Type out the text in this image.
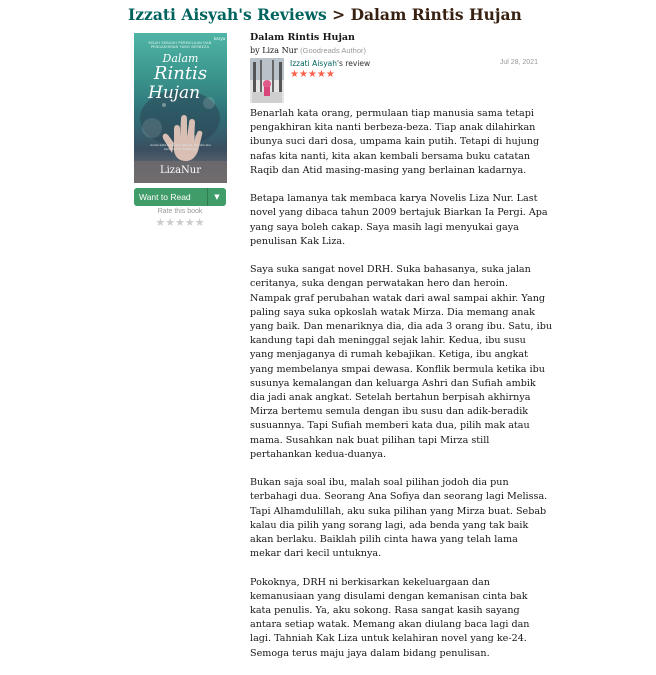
Izzati Aisyah's Reviews > Dalam Rintis Hujan
karya
KISAH SEBUAH PERMULAAN DAN PENGAKHIRAN YANG BERBEZA
Dalam
Rintis
Hujan
Andai kata hujan itu rahmat, biarlah aku berteduh di dalamnya
LizaNur
Want to Read	▼
Rate this book
★★★★★
Dalam Rintis Hujan
by Liza Nur (Goodreads Author)
Izzati Aisyah's review	Jul 28, 2021
★★★★★

Benarlah kata orang, permulaan tiap manusia sama tetapi
pengakhiran kita nanti berbeza-beza. Tiap anak dilahirkan
ibunya suci dari dosa, umpama kain putih. Tetapi di hujung
nafas kita nanti, kita akan kembali bersama buku catatan
Raqib dan Atid masing-masing yang berlainan kadarnya.

Betapa lamanya tak membaca karya Novelis Liza Nur. Last
novel yang dibaca tahun 2009 bertajuk Biarkan Ia Pergi. Apa
yang saya boleh cakap. Saya masih lagi menyukai gaya
penulisan Kak Liza.

Saya suka sangat novel DRH. Suka bahasanya, suka jalan
ceritanya, suka dengan perwatakan hero dan heroin.
Nampak graf perubahan watak dari awal sampai akhir. Yang
paling saya suka opkoslah watak Mirza. Dia memang anak
yang baik. Dan menariknya dia, dia ada 3 orang ibu. Satu, ibu
kandung tapi dah meninggal sejak lahir. Kedua, ibu susu
yang menjaganya di rumah kebajikan. Ketiga, ibu angkat
yang membelanya smpai dewasa. Konflik bermula ketika ibu
susunya kemalangan dan keluarga Ashri dan Sufiah ambik
dia jadi anak angkat. Setelah bertahun berpisah akhirnya
Mirza bertemu semula dengan ibu susu dan adik-beradik
susuannya. Tapi Sufiah memberi kata dua, pilih mak atau
mama. Susahkan nak buat pilihan tapi Mirza still
pertahankan kedua-duanya.

Bukan saja soal ibu, malah soal pilihan jodoh dia pun
terbahagi dua. Seorang Ana Sofiya dan seorang lagi Melissa.
Tapi Alhamdulillah, aku suka pilihan yang Mirza buat. Sebab
kalau dia pilih yang sorang lagi, ada benda yang tak baik
akan berlaku. Baiklah pilih cinta hawa yang telah lama
mekar dari kecil untuknya.

Pokoknya, DRH ni berkisarkan kekeluargaan dan
kemanusiaan yang disulami dengan kemanisan cinta bak
kata penulis. Ya, aku sokong. Rasa sangat kasih sayang
antara setiap watak. Memang akan diulang baca lagi dan
lagi. Tahniah Kak Liza untuk kelahiran novel yang ke-24.
Semoga terus maju jaya dalam bidang penulisan.
